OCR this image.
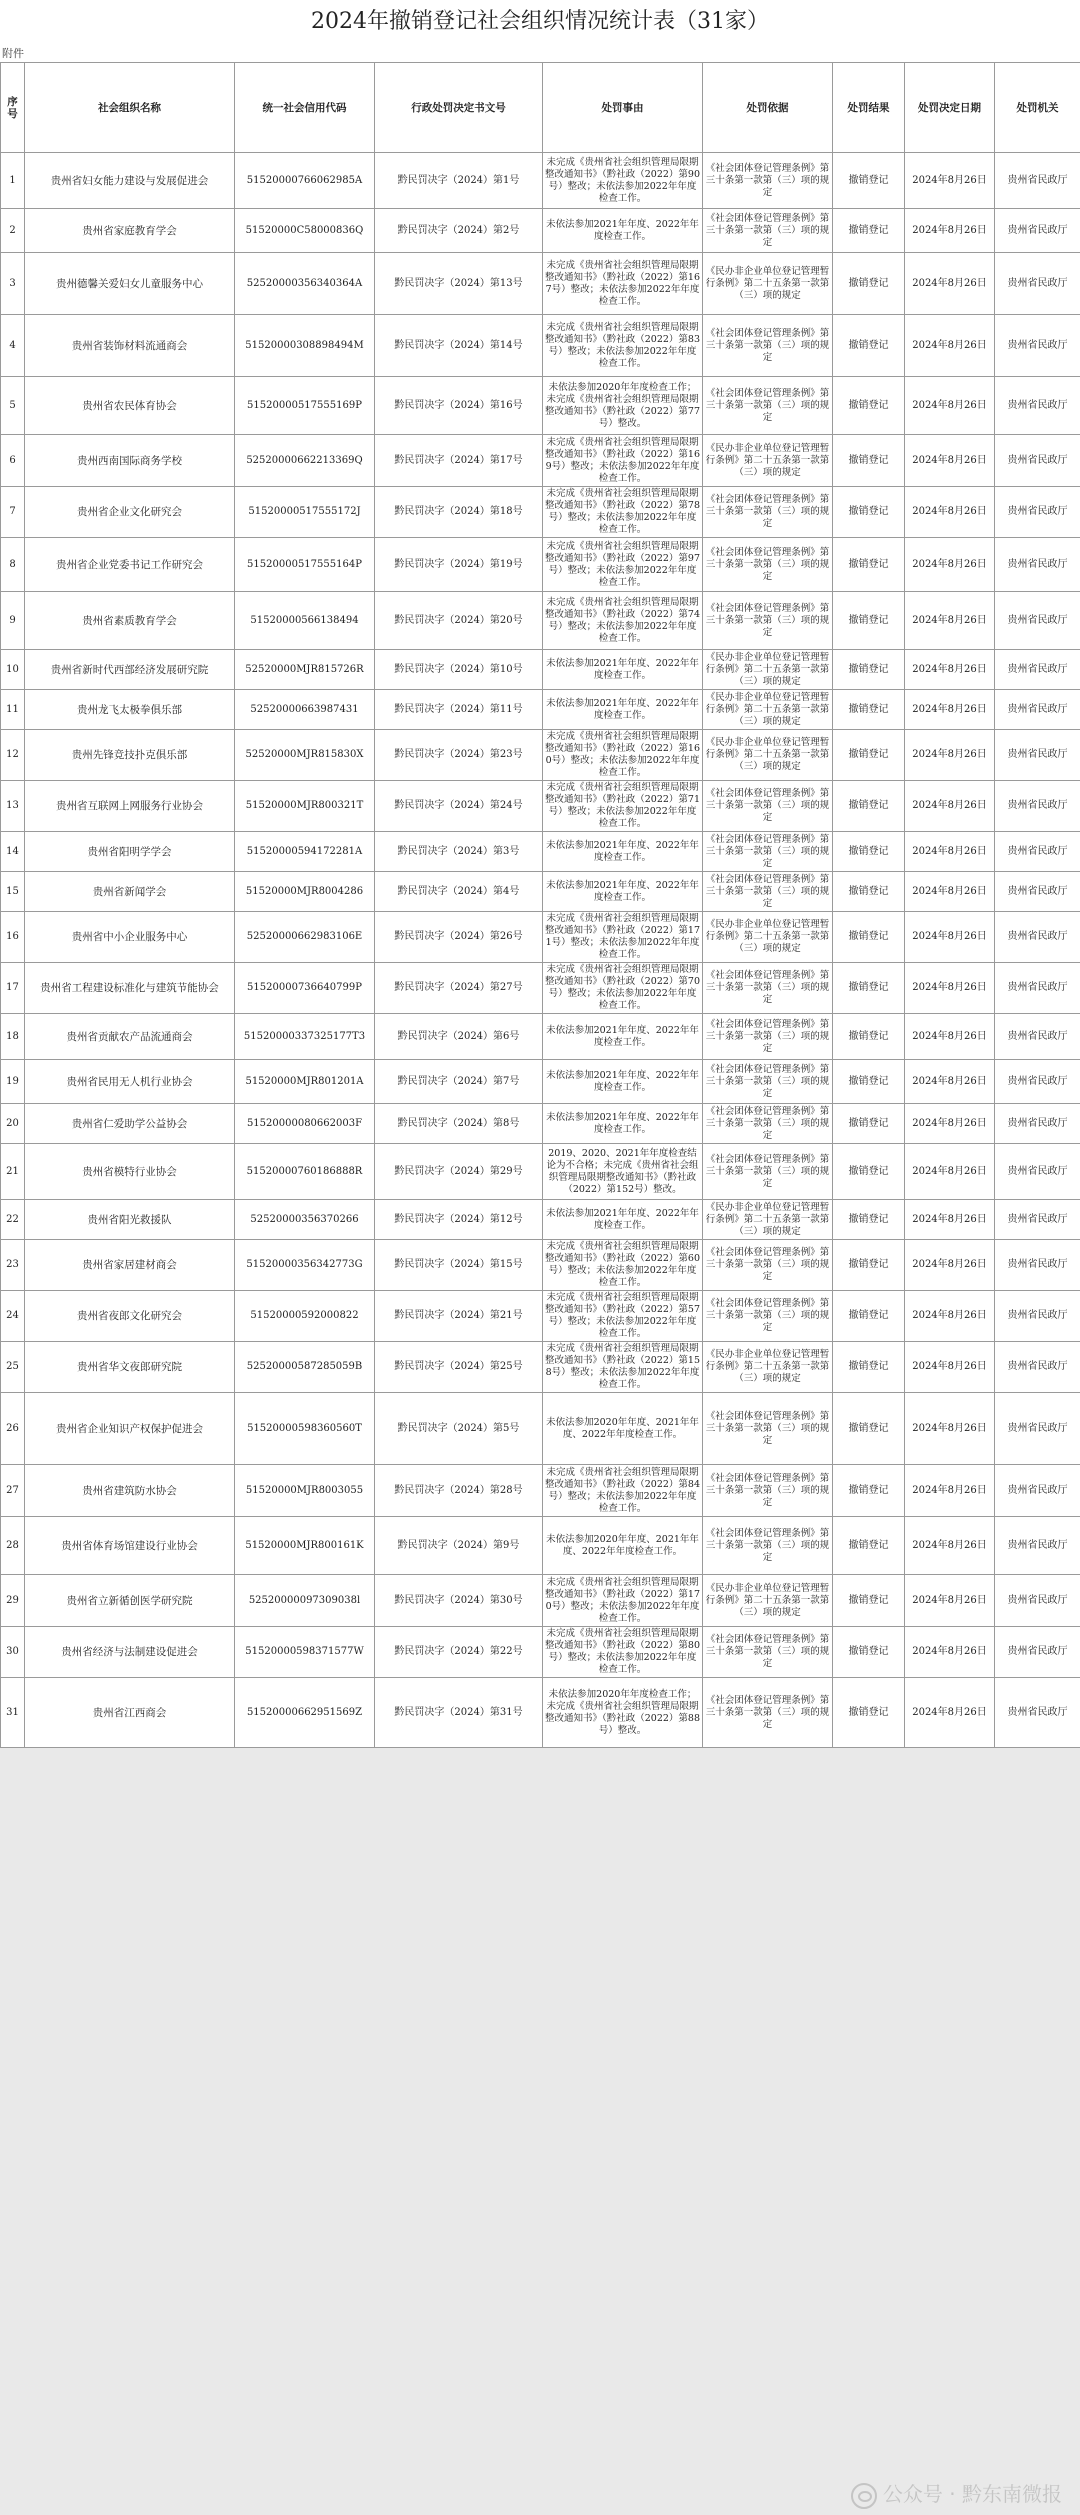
2024年撤销登记社会组织情况统计表（31家）
附件
序号	社会组织名称	统一社会信用代码	行政处罚决定书文号	处罚事由	处罚依据	处罚结果	处罚决定日期	处罚机关
1	贵州省妇女能力建设与发展促进会	51520000766062985A	黔民罚决字（2024）第1号	未完成《贵州省社会组织管理局限期整改通知书》（黔社政（2022）第90号）整改；未依法参加2022年年度检查工作。	《社会团体登记管理条例》第三十条第一款第（三）项的规定	撤销登记	2024年8月26日	贵州省民政厅
2	贵州省家庭教育学会	51520000C58000836Q	黔民罚决字（2024）第2号	未依法参加2021年年度、2022年年度检查工作。	《社会团体登记管理条例》第三十条第一款第（三）项的规定	撤销登记	2024年8月26日	贵州省民政厅
3	贵州德馨关爱妇女儿童服务中心	52520000356340364A	黔民罚决字（2024）第13号	未完成《贵州省社会组织管理局限期整改通知书》（黔社政（2022）第167号）整改；未依法参加2022年年度检查工作。	《民办非企业单位登记管理暂行条例》第二十五条第一款第（三）项的规定	撤销登记	2024年8月26日	贵州省民政厅
4	贵州省装饰材料流通商会	51520000308898494M	黔民罚决字（2024）第14号	未完成《贵州省社会组织管理局限期整改通知书》（黔社政（2022）第83号）整改；未依法参加2022年年度检查工作。	《社会团体登记管理条例》第三十条第一款第（三）项的规定	撤销登记	2024年8月26日	贵州省民政厅
5	贵州省农民体育协会	51520000517555169P	黔民罚决字（2024）第16号	未依法参加2020年年度检查工作；未完成《贵州省社会组织管理局限期整改通知书》（黔社政（2022）第77号）整改。	《社会团体登记管理条例》第三十条第一款第（三）项的规定	撤销登记	2024年8月26日	贵州省民政厅
6	贵州西南国际商务学校	52520000662213369Q	黔民罚决字（2024）第17号	未完成《贵州省社会组织管理局限期整改通知书》（黔社政（2022）第169号）整改；未依法参加2022年年度检查工作。	《民办非企业单位登记管理暂行条例》第二十五条第一款第（三）项的规定	撤销登记	2024年8月26日	贵州省民政厅
7	贵州省企业文化研究会	51520000517555172J	黔民罚决字（2024）第18号	未完成《贵州省社会组织管理局限期整改通知书》（黔社政（2022）第78号）整改；未依法参加2022年年度检查工作。	《社会团体登记管理条例》第三十条第一款第（三）项的规定	撤销登记	2024年8月26日	贵州省民政厅
8	贵州省企业党委书记工作研究会	51520000517555164P	黔民罚决字（2024）第19号	未完成《贵州省社会组织管理局限期整改通知书》（黔社政（2022）第97号）整改；未依法参加2022年年度检查工作。	《社会团体登记管理条例》第三十条第一款第（三）项的规定	撤销登记	2024年8月26日	贵州省民政厅
9	贵州省素质教育学会	51520000566138494	黔民罚决字（2024）第20号	未完成《贵州省社会组织管理局限期整改通知书》（黔社政（2022）第74号）整改；未依法参加2022年年度检查工作。	《社会团体登记管理条例》第三十条第一款第（三）项的规定	撤销登记	2024年8月26日	贵州省民政厅
10	贵州省新时代西部经济发展研究院	52520000MJR815726R	黔民罚决字（2024）第10号	未依法参加2021年年度、2022年年度检查工作。	《民办非企业单位登记管理暂行条例》第二十五条第一款第（三）项的规定	撤销登记	2024年8月26日	贵州省民政厅
11	贵州龙飞太极拳俱乐部	52520000663987431	黔民罚决字（2024）第11号	未依法参加2021年年度、2022年年度检查工作。	《民办非企业单位登记管理暂行条例》第二十五条第一款第（三）项的规定	撤销登记	2024年8月26日	贵州省民政厅
12	贵州先锋竞技扑克俱乐部	52520000MJR815830X	黔民罚决字（2024）第23号	未完成《贵州省社会组织管理局限期整改通知书》（黔社政（2022）第160号）整改；未依法参加2022年年度检查工作。	《民办非企业单位登记管理暂行条例》第二十五条第一款第（三）项的规定	撤销登记	2024年8月26日	贵州省民政厅
13	贵州省互联网上网服务行业协会	51520000MJR800321T	黔民罚决字（2024）第24号	未完成《贵州省社会组织管理局限期整改通知书》（黔社政（2022）第71号）整改；未依法参加2022年年度检查工作。	《社会团体登记管理条例》第三十条第一款第（三）项的规定	撤销登记	2024年8月26日	贵州省民政厅
14	贵州省阳明学学会	51520000594172281A	黔民罚决字（2024）第3号	未依法参加2021年年度、2022年年度检查工作。	《社会团体登记管理条例》第三十条第一款第（三）项的规定	撤销登记	2024年8月26日	贵州省民政厅
15	贵州省新闻学会	51520000MJR8004286	黔民罚决字（2024）第4号	未依法参加2021年年度、2022年年度检查工作。	《社会团体登记管理条例》第三十条第一款第（三）项的规定	撤销登记	2024年8月26日	贵州省民政厅
16	贵州省中小企业服务中心	52520000662983106E	黔民罚决字（2024）第26号	未完成《贵州省社会组织管理局限期整改通知书》（黔社政（2022）第171号）整改；未依法参加2022年年度检查工作。	《民办非企业单位登记管理暂行条例》第二十五条第一款第（三）项的规定	撤销登记	2024年8月26日	贵州省民政厅
17	贵州省工程建设标准化与建筑节能协会	51520000736640799P	黔民罚决字（2024）第27号	未完成《贵州省社会组织管理局限期整改通知书》（黔社政（2022）第70号）整改；未依法参加2022年年度检查工作。	《社会团体登记管理条例》第三十条第一款第（三）项的规定	撤销登记	2024年8月26日	贵州省民政厅
18	贵州省贡献农产品流通商会	51520000337325177T3	黔民罚决字（2024）第6号	未依法参加2021年年度、2022年年度检查工作。	《社会团体登记管理条例》第三十条第一款第（三）项的规定	撤销登记	2024年8月26日	贵州省民政厅
19	贵州省民用无人机行业协会	51520000MJR801201A	黔民罚决字（2024）第7号	未依法参加2021年年度、2022年年度检查工作。	《社会团体登记管理条例》第三十条第一款第（三）项的规定	撤销登记	2024年8月26日	贵州省民政厅
20	贵州省仁爱助学公益协会	51520000080662003F	黔民罚决字（2024）第8号	未依法参加2021年年度、2022年年度检查工作。	《社会团体登记管理条例》第三十条第一款第（三）项的规定	撤销登记	2024年8月26日	贵州省民政厅
21	贵州省模特行业协会	51520000760186888R	黔民罚决字（2024）第29号	2019、2020、2021年年度检查结论为不合格；未完成《贵州省社会组织管理局限期整改通知书》（黔社政（2022）第152号）整改。	《社会团体登记管理条例》第三十条第一款第（三）项的规定	撤销登记	2024年8月26日	贵州省民政厅
22	贵州省阳光救援队	52520000356370266	黔民罚决字（2024）第12号	未依法参加2021年年度、2022年年度检查工作。	《民办非企业单位登记管理暂行条例》第二十五条第一款第（三）项的规定	撤销登记	2024年8月26日	贵州省民政厅
23	贵州省家居建材商会	51520000356342773G	黔民罚决字（2024）第15号	未完成《贵州省社会组织管理局限期整改通知书》（黔社政（2022）第60号）整改；未依法参加2022年年度检查工作。	《社会团体登记管理条例》第三十条第一款第（三）项的规定	撤销登记	2024年8月26日	贵州省民政厅
24	贵州省夜郎文化研究会	51520000592000822	黔民罚决字（2024）第21号	未完成《贵州省社会组织管理局限期整改通知书》（黔社政（2022）第57号）整改；未依法参加2022年年度检查工作。	《社会团体登记管理条例》第三十条第一款第（三）项的规定	撤销登记	2024年8月26日	贵州省民政厅
25	贵州省华文夜郎研究院	52520000587285059B	黔民罚决字（2024）第25号	未完成《贵州省社会组织管理局限期整改通知书》（黔社政（2022）第158号）整改；未依法参加2022年年度检查工作。	《民办非企业单位登记管理暂行条例》第二十五条第一款第（三）项的规定	撤销登记	2024年8月26日	贵州省民政厅
26	贵州省企业知识产权保护促进会	51520000598360560T	黔民罚决字（2024）第5号	未依法参加2020年年度、2021年年度、2022年年度检查工作。	《社会团体登记管理条例》第三十条第一款第（三）项的规定	撤销登记	2024年8月26日	贵州省民政厅
27	贵州省建筑防水协会	51520000MJR8003055	黔民罚决字（2024）第28号	未完成《贵州省社会组织管理局限期整改通知书》（黔社政（2022）第84号）整改；未依法参加2022年年度检查工作。	《社会团体登记管理条例》第三十条第一款第（三）项的规定	撤销登记	2024年8月26日	贵州省民政厅
28	贵州省体育场馆建设行业协会	51520000MJR800161K	黔民罚决字（2024）第9号	未依法参加2020年年度、2021年年度、2022年年度检查工作。	《社会团体登记管理条例》第三十条第一款第（三）项的规定	撤销登记	2024年8月26日	贵州省民政厅
29	贵州省立新循创医学研究院	52520000097309038l	黔民罚决字（2024）第30号	未完成《贵州省社会组织管理局限期整改通知书》（黔社政（2022）第170号）整改；未依法参加2022年年度检查工作。	《民办非企业单位登记管理暂行条例》第二十五条第一款第（三）项的规定	撤销登记	2024年8月26日	贵州省民政厅
30	贵州省经济与法制建设促进会	51520000598371577W	黔民罚决字（2024）第22号	未完成《贵州省社会组织管理局限期整改通知书》（黔社政（2022）第80号）整改；未依法参加2022年年度检查工作。	《社会团体登记管理条例》第三十条第一款第（三）项的规定	撤销登记	2024年8月26日	贵州省民政厅
31	贵州省江西商会	51520000662951569Z	黔民罚决字（2024）第31号	未依法参加2020年年度检查工作；未完成《贵州省社会组织管理局限期整改通知书》（黔社政（2022）第88号）整改。	《社会团体登记管理条例》第三十条第一款第（三）项的规定	撤销登记	2024年8月26日	贵州省民政厅
公众号 · 黔东南微报
